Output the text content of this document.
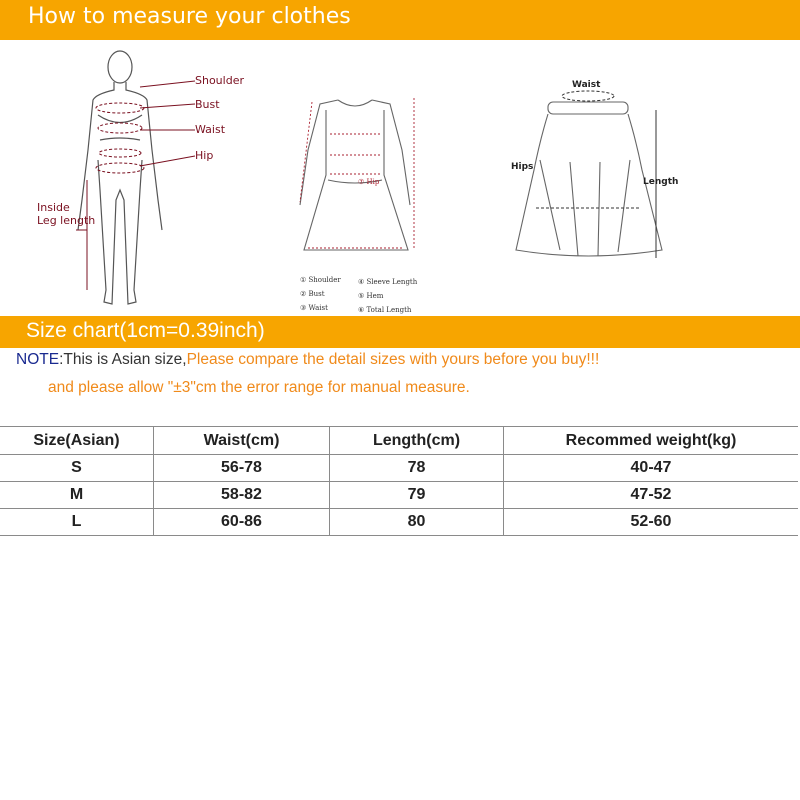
How to measure your clothes
Shoulder
Bust
Waist
Hip
Inside
Leg length
⑦ Hip
① Shoulder
② Bust
③ Waist
④ Sleeve Length
⑤ Hem
⑥ Total Length
Waist
Hips
Length
Size chart(1cm=0.39inch)
NOTE:This is Asian size,Please compare the detail sizes with yours before you buy!!!
and please allow "±3"cm the error range for manual measure.
Size(Asian)	Waist(cm)	Length(cm)	Recommed weight(kg)
S	56-78	78	40-47
M	58-82	79	47-52
L	60-86	80	52-60
